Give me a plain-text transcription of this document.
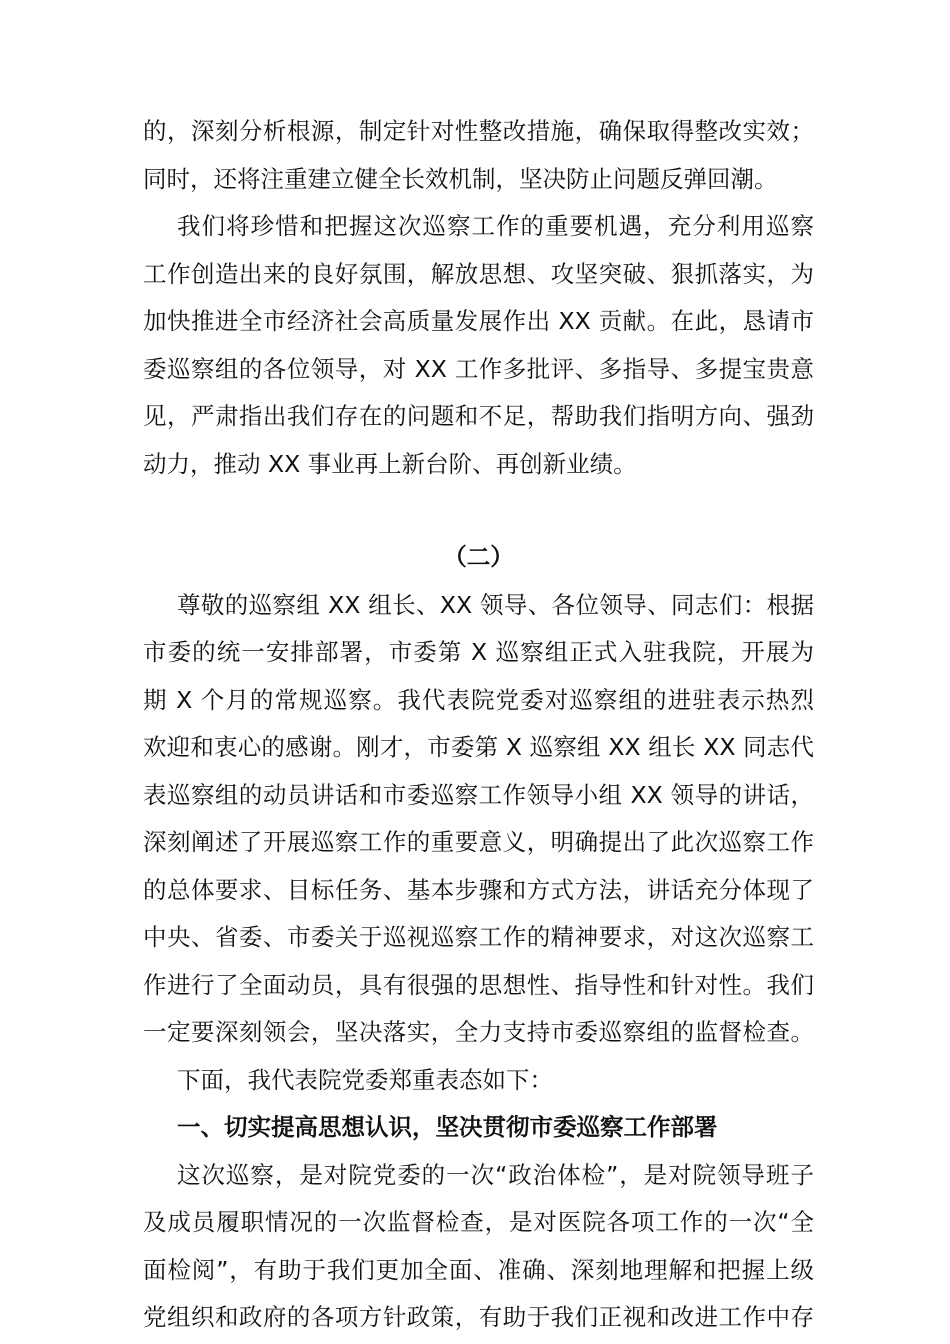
的，深刻分析根源，制定针对性整改措施，确保取得整改实效；
同时，还将注重建立健全长效机制，坚决防止问题反弹回潮。
我们将珍惜和把握这次巡察工作的重要机遇，充分利用巡察
工作创造出来的良好氛围，解放思想、攻坚突破、狠抓落实，为
加快推进全市经济社会高质量发展作出 XX 贡献。在此，恳请市
委巡察组的各位领导，对 XX 工作多批评、多指导、多提宝贵意
见，严肃指出我们存在的问题和不足，帮助我们指明方向、强劲
动力，推动 XX 事业再上新台阶、再创新业绩。
（二）
尊敬的巡察组 XX 组长、XX 领导、各位领导、同志们：根据
市委的统一安排部署，市委第 X 巡察组正式入驻我院，开展为
期 X 个月的常规巡察。我代表院党委对巡察组的进驻表示热烈
欢迎和衷心的感谢。刚才，市委第 X 巡察组 XX 组长 XX 同志代
表巡察组的动员讲话和市委巡察工作领导小组 XX 领导的讲话，
深刻阐述了开展巡察工作的重要意义，明确提出了此次巡察工作
的总体要求、目标任务、基本步骤和方式方法，讲话充分体现了
中央、省委、市委关于巡视巡察工作的精神要求，对这次巡察工
作进行了全面动员，具有很强的思想性、指导性和针对性。我们
一定要深刻领会，坚决落实，全力支持市委巡察组的监督检查。
下面，我代表院党委郑重表态如下：
一、切实提高思想认识，坚决贯彻市委巡察工作部署
这次巡察，是对院党委的一次“政治体检”，是对院领导班子
及成员履职情况的一次监督检查，是对医院各项工作的一次“全
面检阅”，有助于我们更加全面、准确、深刻地理解和把握上级
党组织和政府的各项方针政策，有助于我们正视和改进工作中存
